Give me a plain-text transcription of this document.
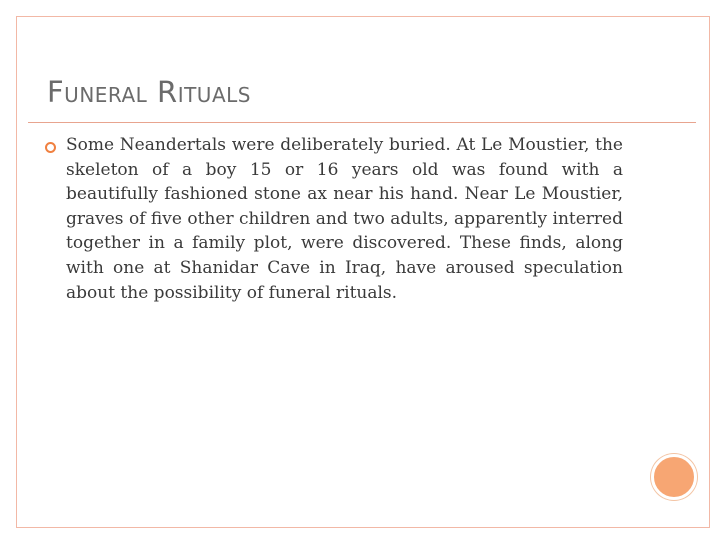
Funeral Rituals

Some Neandertals were deliberately buried. At Le Moustier, the skeleton of a boy 15 or 16 years old was found with a beautifully fashioned stone ax near his hand. Near Le Moustier, graves of five other children and two adults, apparently interred together in a family plot, were discovered. These finds, along with one at Shanidar Cave in Iraq, have aroused speculation about the possibility of funeral rituals.
